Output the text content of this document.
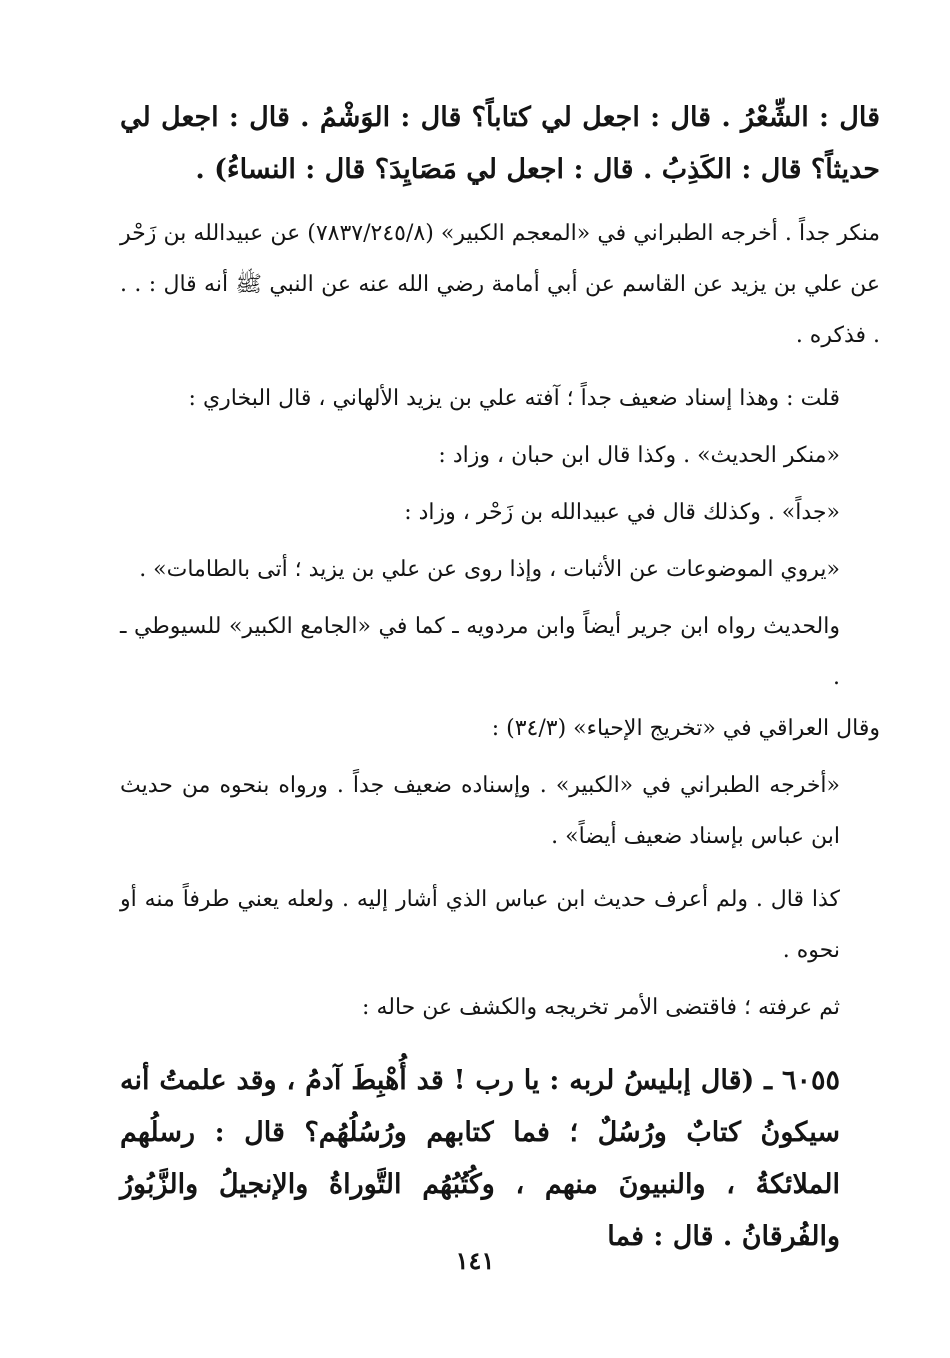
قال : الشِّعْرُ . قال : اجعل لي كتاباً؟ قال : الوَشْمُ . قال : اجعل لي حديثاً؟ قال : الكَذِبُ . قال : اجعل لي مَصَايِدَ؟ قال : النساءُ) .

منكر جداً . أخرجه الطبراني في «المعجم الكبير» (٧٨٣٧/٢٤٥/٨) عن عبيدالله بن زَحْر عن علي بن يزيد عن القاسم عن أبي أمامة رضي الله عنه عن النبي ﷺ أنه قال : . . . فذكره .

قلت : وهذا إسناد ضعيف جداً ؛ آفته علي بن يزيد الألهاني ، قال البخاري :

«منكر الحديث» . وكذا قال ابن حبان ، وزاد :

«جداً» . وكذلك قال في عبيدالله بن زَحْر ، وزاد :

«يروي الموضوعات عن الأثبات ، وإذا روى عن علي بن يزيد ؛ أتى بالطامات» .

والحديث رواه ابن جرير أيضاً وابن مردويه ـ كما في «الجامع الكبير» للسيوطي ـ .

وقال العراقي في «تخريج الإحياء» (٣٤/٣) :

«أخرجه الطبراني في «الكبير» . وإسناده ضعيف جداً . ورواه بنحوه من حديث ابن عباس بإسناد ضعيف أيضاً» .

كذا قال . ولم أعرف حديث ابن عباس الذي أشار إليه . ولعله يعني طرفاً منه أو نحوه .

ثم عرفته ؛ فاقتضى الأمر تخريجه والكشف عن حاله :

٦٠٥٥ ـ (قال إبليسُ لربه : يا رب ! قد أُهْبِطَ آدمُ ، وقد علمتُ أنه سيكونُ كتابٌ ورُسُلٌ ؛ فما كتابهم ورُسُلُهُم؟ قال : رسلُهم الملائكةُ ، والنبيونَ منهم ، وكُتُبُهُم التَّوراةُ والإنجيلُ والزَّبُورُ والفُرقانُ . قال : فما

١٤١
